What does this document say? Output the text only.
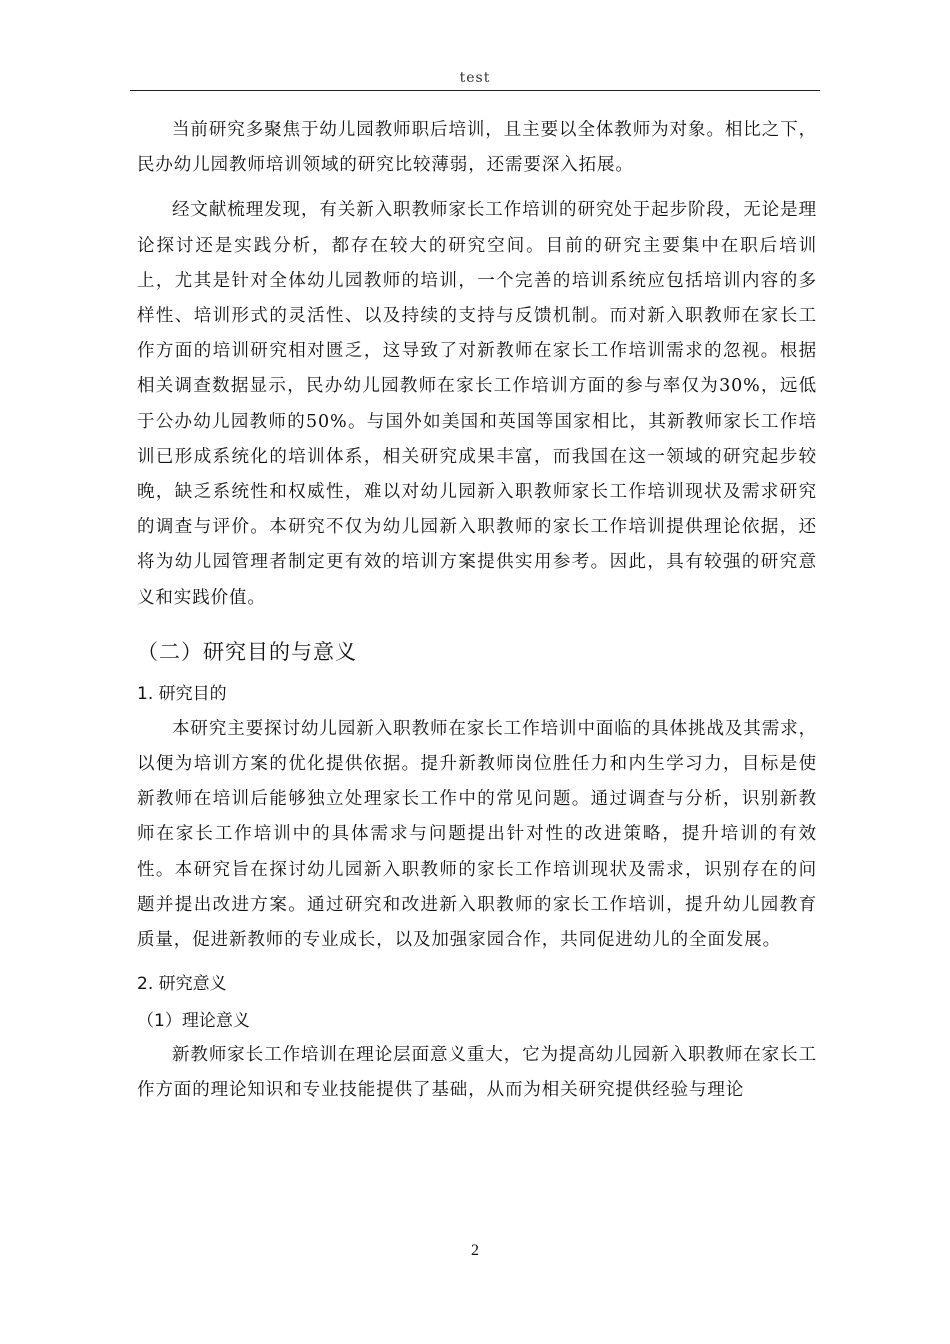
test

当前研究多聚焦于幼儿园教师职后培训，且主要以全体教师为对象。相比之下，民办幼儿园教师培训领域的研究比较薄弱，还需要深入拓展。

经文献梳理发现，有关新入职教师家长工作培训的研究处于起步阶段，无论是理论探讨还是实践分析，都存在较大的研究空间。目前的研究主要集中在职后培训上，尤其是针对全体幼儿园教师的培训，一个完善的培训系统应包括培训内容的多样性、培训形式的灵活性、以及持续的支持与反馈机制。而对新入职教师在家长工作方面的培训研究相对匮乏，这导致了对新教师在家长工作培训需求的忽视。根据相关调查数据显示，民办幼儿园教师在家长工作培训方面的参与率仅为30%，远低于公办幼儿园教师的50%。与国外如美国和英国等国家相比，其新教师家长工作培训已形成系统化的培训体系，相关研究成果丰富，而我国在这一领域的研究起步较晚，缺乏系统性和权威性，难以对幼儿园新入职教师家长工作培训现状及需求研究的调查与评价。本研究不仅为幼儿园新入职教师的家长工作培训提供理论依据，还将为幼儿园管理者制定更有效的培训方案提供实用参考。因此，具有较强的研究意义和实践价值。

（二）研究目的与意义
1. 研究目的

本研究主要探讨幼儿园新入职教师在家长工作培训中面临的具体挑战及其需求，以便为培训方案的优化提供依据。提升新教师岗位胜任力和内生学习力，目标是使新教师在培训后能够独立处理家长工作中的常见问题。通过调查与分析，识别新教师在家长工作培训中的具体需求与问题提出针对性的改进策略，提升培训的有效性。本研究旨在探讨幼儿园新入职教师的家长工作培训现状及需求，识别存在的问题并提出改进方案。通过研究和改进新入职教师的家长工作培训，提升幼儿园教育质量，促进新教师的专业成长，以及加强家园合作，共同促进幼儿的全面发展。

2. 研究意义
（1）理论意义

新教师家长工作培训在理论层面意义重大，它为提高幼儿园新入职教师在家长工作方面的理论知识和专业技能提供了基础，从而为相关研究提供经验与理论

2
